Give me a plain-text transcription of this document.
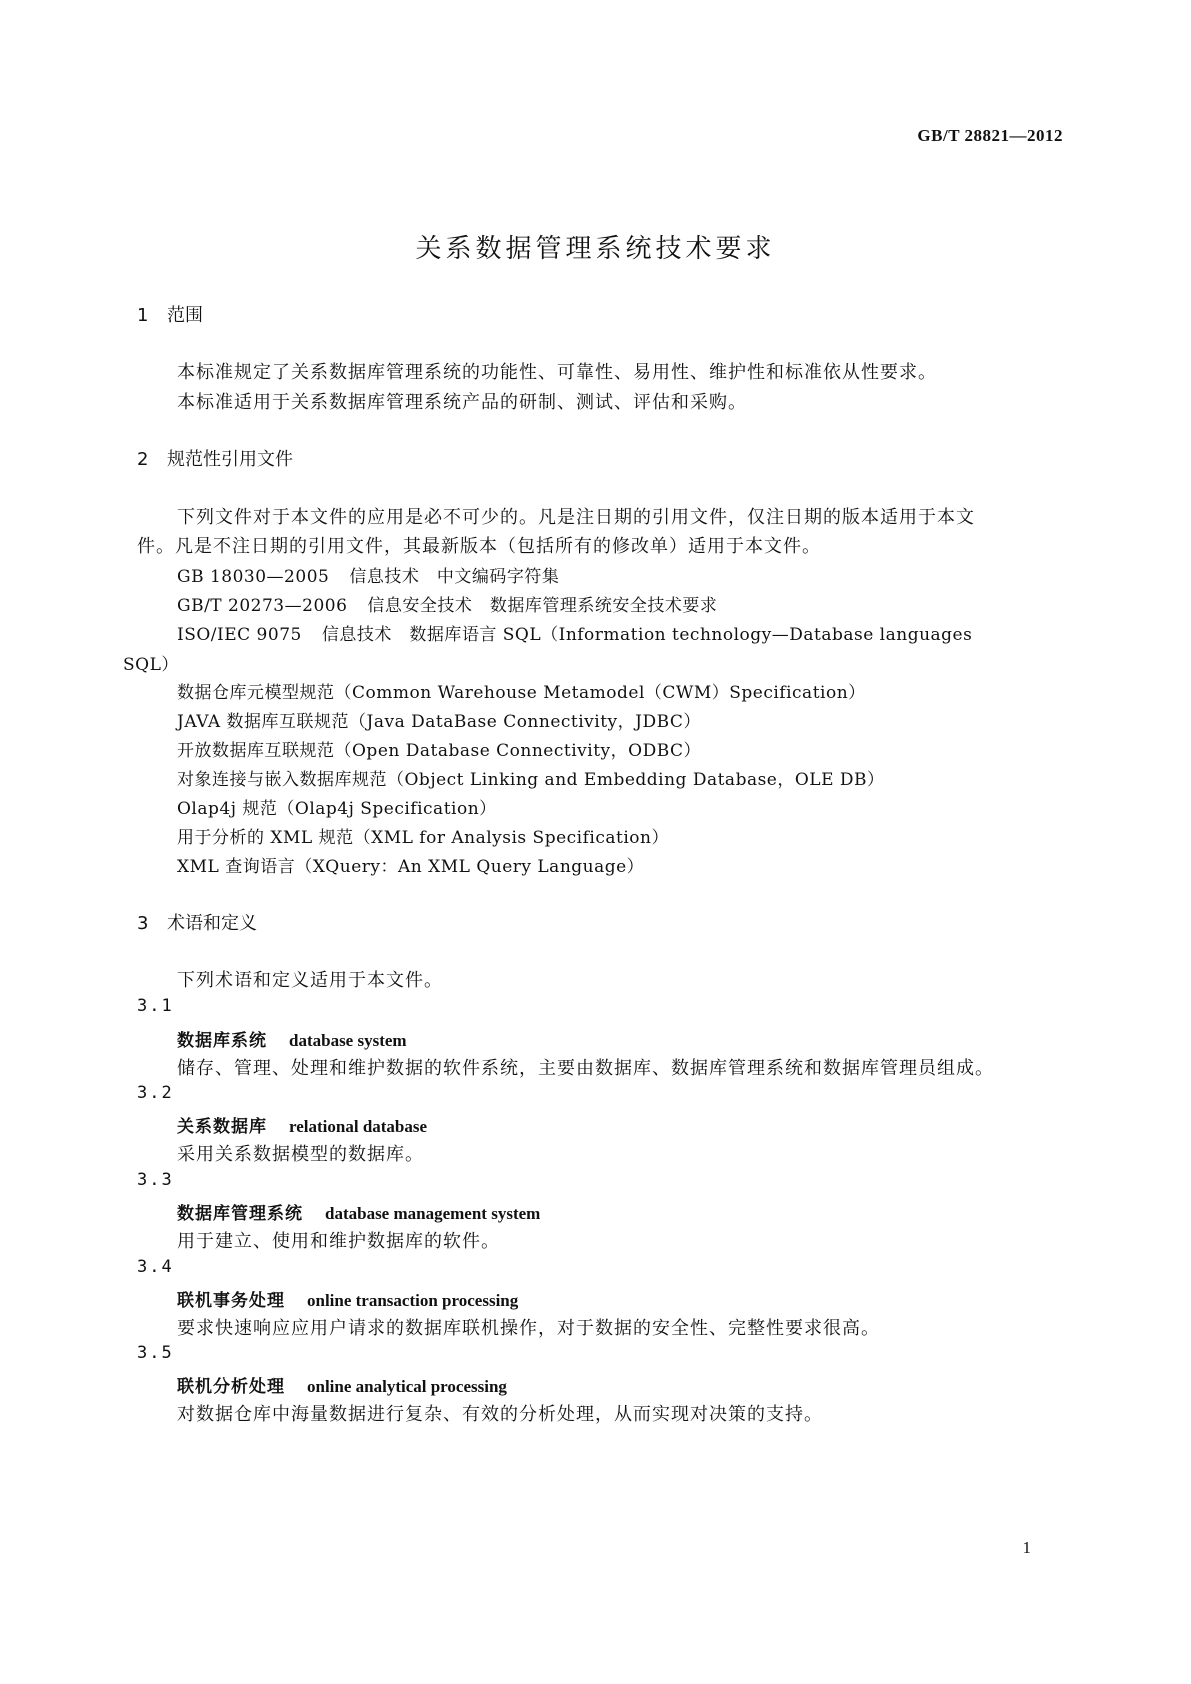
GB/T 28821—2012
关系数据管理系统技术要求
1 范围
本标准规定了关系数据库管理系统的功能性、可靠性、易用性、维护性和标准依从性要求。
本标准适用于关系数据库管理系统产品的研制、测试、评估和采购。
2 规范性引用文件
下列文件对于本文件的应用是必不可少的。凡是注日期的引用文件，仅注日期的版本适用于本文
件。凡是不注日期的引用文件，其最新版本（包括所有的修改单）适用于本文件。
GB 18030—2005 信息技术　中文编码字符集
GB/T 20273—2006 信息安全技术　数据库管理系统安全技术要求
ISO/IEC 9075 信息技术　数据库语言 SQL（Information technology—Database languages
SQL）
数据仓库元模型规范（Common Warehouse Metamodel（CWM）Specification）
JAVA 数据库互联规范（Java DataBase Connectivity，JDBC）
开放数据库互联规范（Open Database Connectivity，ODBC）
对象连接与嵌入数据库规范（Object Linking and Embedding Database，OLE DB）
Olap4j 规范（Olap4j Specification）
用于分析的 XML 规范（XML for Analysis Specification）
XML 查询语言（XQuery：An XML Query Language）
3 术语和定义
下列术语和定义适用于本文件。
3.1
数据库系统 database system
储存、管理、处理和维护数据的软件系统，主要由数据库、数据库管理系统和数据库管理员组成。
3.2
关系数据库 relational database
采用关系数据模型的数据库。
3.3
数据库管理系统 database management system
用于建立、使用和维护数据库的软件。
3.4
联机事务处理 online transaction processing
要求快速响应应用户请求的数据库联机操作，对于数据的安全性、完整性要求很高。
3.5
联机分析处理 online analytical processing
对数据仓库中海量数据进行复杂、有效的分析处理，从而实现对决策的支持。
1
